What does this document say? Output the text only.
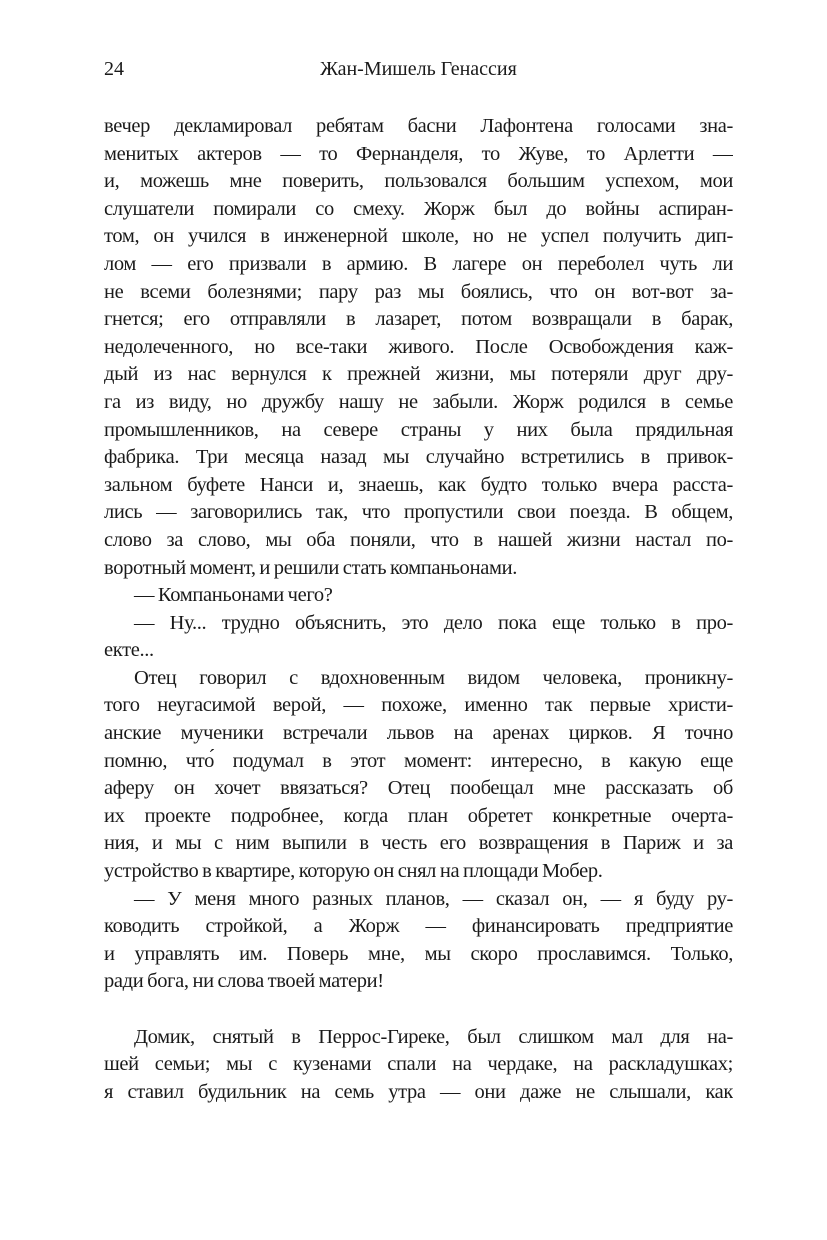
24	Жан-Мишель Генассия
вечер декламировал ребятам басни Лафонтена голосами зна-
менитых актеров — то Фернанделя, то Жуве, то Арлетти —
и, можешь мне поверить, пользовался большим успехом, мои
слушатели помирали со смеху. Жорж был до войны аспиран-
том, он учился в инженерной школе, но не успел получить дип-
лом — его призвали в армию. В лагере он переболел чуть ли
не всеми болезнями; пару раз мы боялись, что он вот-вот за-
гнется; его отправляли в лазарет, потом возвращали в барак,
недолеченного, но все-таки живого. После Освобождения каж-
дый из нас вернулся к прежней жизни, мы потеряли друг дру-
га из виду, но дружбу нашу не забыли. Жорж родился в семье
промышленников, на севере страны у них была прядильная
фабрика. Три месяца назад мы случайно встретились в привок-
зальном буфете Нанси и, знаешь, как будто только вчера расста-
лись — заговорились так, что пропустили свои поезда. В общем,
слово за слово, мы оба поняли, что в нашей жизни настал по-
воротный момент, и решили стать компаньонами.
— Компаньонами чего?
— Ну... трудно объяснить, это дело пока еще только в про-
екте...
Отец говорил с вдохновенным видом человека, проникну-
того неугасимой верой, — похоже, именно так первые христи-
анские мученики встречали львов на аренах цирков. Я точно
помню, что́ подумал в этот момент: интересно, в какую еще
аферу он хочет ввязаться? Отец пообещал мне рассказать об
их проекте подробнее, когда план обретет конкретные очерта-
ния, и мы с ним выпили в честь его возвращения в Париж и за
устройство в квартире, которую он снял на площади Мобер.
— У меня много разных планов, — сказал он, — я буду ру-
ководить стройкой, а Жорж — финансировать предприятие
и управлять им. Поверь мне, мы скоро прославимся. Только,
ради бога, ни слова твоей матери!
Домик, снятый в Перрос-Гиреке, был слишком мал для на-
шей семьи; мы с кузенами спали на чердаке, на раскладушках;
я ставил будильник на семь утра — они даже не слышали, как
